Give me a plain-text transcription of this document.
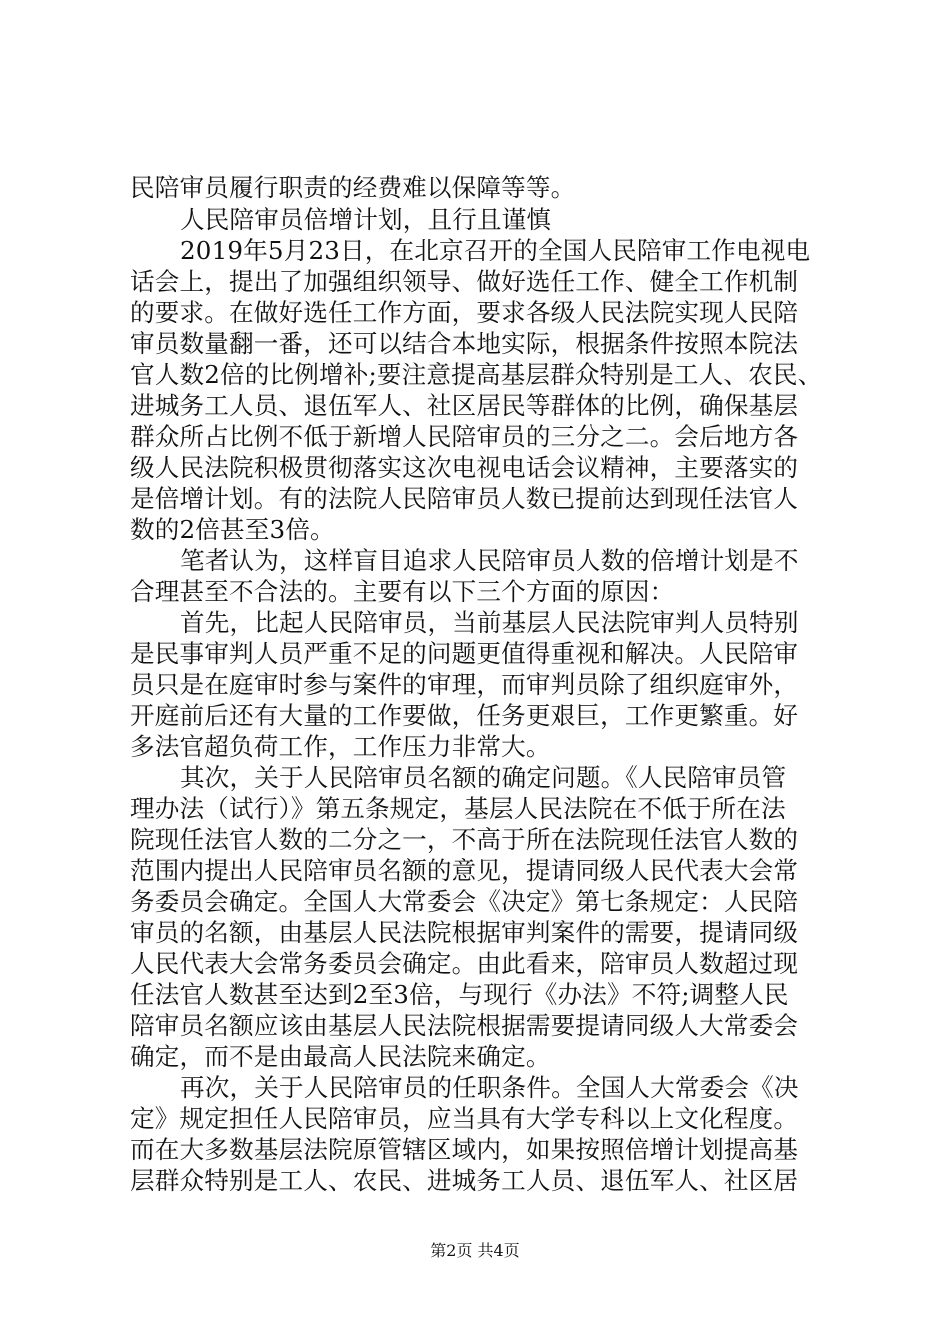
民陪审员履行职责的经费难以保障等等。
人民陪审员倍增计划，且行且谨慎
2019年5月23日，在北京召开的全国人民陪审工作电视电
话会上，提出了加强组织领导、做好选任工作、健全工作机制
的要求。在做好选任工作方面，要求各级人民法院实现人民陪
审员数量翻一番，还可以结合本地实际，根据条件按照本院法
官人数2倍的比例增补;要注意提高基层群众特别是工人、农民、
进城务工人员、退伍军人、社区居民等群体的比例，确保基层
群众所占比例不低于新增人民陪审员的三分之二。会后地方各
级人民法院积极贯彻落实这次电视电话会议精神，主要落实的
是倍增计划。有的法院人民陪审员人数已提前达到现任法官人
数的2倍甚至3倍。
笔者认为，这样盲目追求人民陪审员人数的倍增计划是不
合理甚至不合法的。主要有以下三个方面的原因：
首先，比起人民陪审员，当前基层人民法院审判人员特别
是民事审判人员严重不足的问题更值得重视和解决。人民陪审
员只是在庭审时参与案件的审理，而审判员除了组织庭审外，
开庭前后还有大量的工作要做，任务更艰巨，工作更繁重。好
多法官超负荷工作，工作压力非常大。
其次，关于人民陪审员名额的确定问题。《人民陪审员管
理办法（试行）》第五条规定，基层人民法院在不低于所在法
院现任法官人数的二分之一，不高于所在法院现任法官人数的
范围内提出人民陪审员名额的意见，提请同级人民代表大会常
务委员会确定。全国人大常委会《决定》第七条规定：人民陪
审员的名额，由基层人民法院根据审判案件的需要，提请同级
人民代表大会常务委员会确定。由此看来，陪审员人数超过现
任法官人数甚至达到2至3倍，与现行《办法》不符;调整人民
陪审员名额应该由基层人民法院根据需要提请同级人大常委会
确定，而不是由最高人民法院来确定。
再次，关于人民陪审员的任职条件。全国人大常委会《决
定》规定担任人民陪审员，应当具有大学专科以上文化程度。
而在大多数基层法院原管辖区域内，如果按照倍增计划提高基
层群众特别是工人、农民、进城务工人员、退伍军人、社区居
第2页 共4页
